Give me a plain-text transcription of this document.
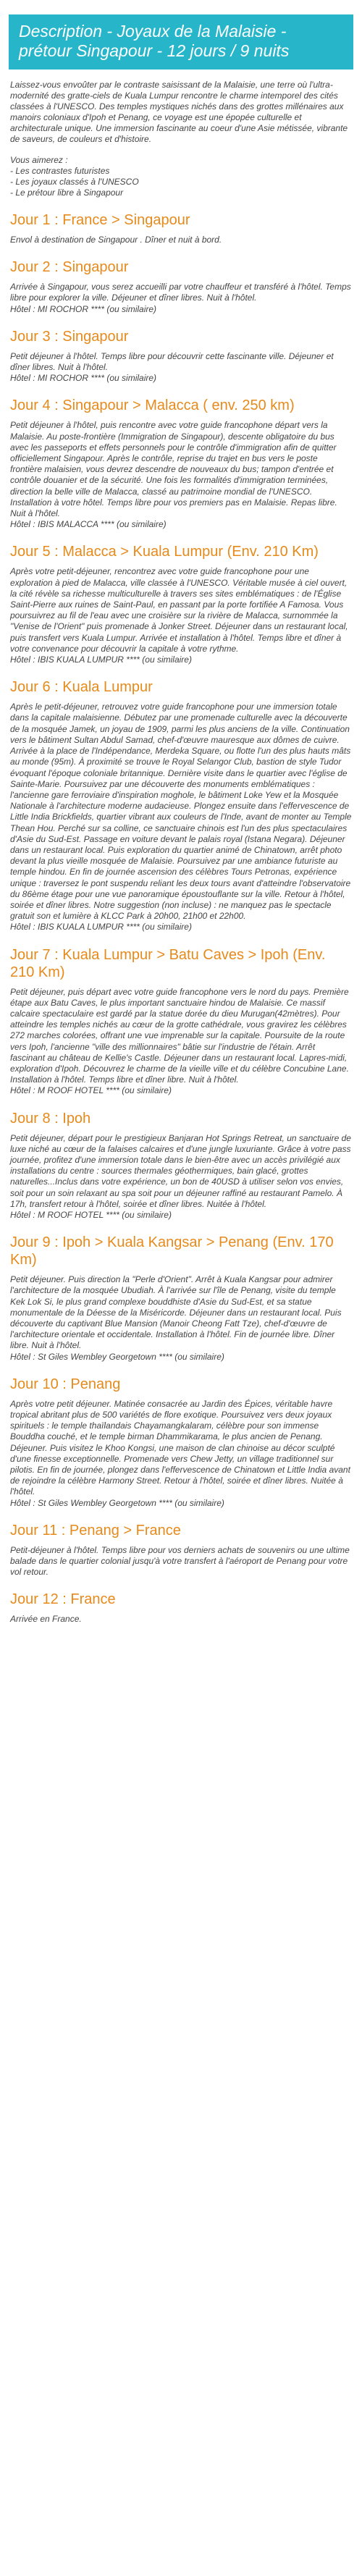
Description - Joyaux de la Malaisie - prétour Singapour - 12 jours / 9 nuits

Laissez-vous envoûter par le contraste saisissant de la Malaisie, une terre où l'ultra-modernité des gratte-ciels de Kuala Lumpur rencontre le charme intemporel des cités classées à l'UNESCO. Des temples mystiques nichés dans des grottes millénaires aux manoirs coloniaux d'Ipoh et Penang, ce voyage est une épopée culturelle et architecturale unique. Une immersion fascinante au coeur d'une Asie métissée, vibrante de saveurs, de couleurs et d'histoire.

Vous aimerez :
- Les contrastes futuristes
- Les joyaux classés à l'UNESCO
- Le prétour libre à Singapour
Jour 1 : France > Singapour

Envol à destination de Singapour . Dîner et nuit à bord.

Jour 2 : Singapour

Arrivée à Singapour, vous serez accueilli par votre chauffeur et transféré à l'hôtel. Temps libre pour explorer la ville. Déjeuner et dîner libres. Nuit à l'hôtel.

Hôtel : MI ROCHOR **** (ou similaire)

Jour 3 : Singapour

Petit déjeuner à l'hôtel. Temps libre pour découvrir cette fascinante ville. Déjeuner et dîner libres. Nuit à l'hôtel.

Hôtel : MI ROCHOR **** (ou similaire)

Jour 4 : Singapour > Malacca ( env. 250 km)

Petit déjeuner à l'hôtel, puis rencontre avec votre guide francophone départ vers la Malaisie. Au poste-frontière (Immigration de Singapour), descente obligatoire du bus avec les passeports et effets personnels pour le contrôle d'immigration afin de quitter officiellement Singapour. Après le contrôle, reprise du trajet en bus vers le poste frontière malaisien, vous devrez descendre de nouveaux du bus; tampon d'entrée et contrôle douanier et de la sécurité. Une fois les formalités d'immigration terminées, direction la belle ville de Malacca, classé au patrimoine mondial de l'UNESCO. Installation à votre hôtel. Temps libre pour vos premiers pas en Malaisie. Repas libre. Nuit à l'hôtel.

Hôtel : IBIS MALACCA **** (ou similaire)

Jour 5 : Malacca > Kuala Lumpur (Env. 210 Km)

Après votre petit-déjeuner, rencontrez avec votre guide francophone pour une exploration à pied de Malacca, ville classée à l'UNESCO. Véritable musée à ciel ouvert, la cité révèle sa richesse multiculturelle à travers ses sites emblématiques : de l'Église Saint-Pierre aux ruines de Saint-Paul, en passant par la porte fortifiée A Famosa. Vous poursuivrez au fil de l'eau avec une croisière sur la rivière de Malacca, surnommée la "Venise de l'Orient" puis promenade à Jonker Street. Déjeuner dans un restaurant local, puis transfert vers Kuala Lumpur. Arrivée et installation à l'hôtel. Temps libre et dîner à votre convenance pour découvrir la capitale à votre rythme.

Hôtel : IBIS KUALA LUMPUR **** (ou similaire)

Jour 6 : Kuala Lumpur

Après le petit-déjeuner, retrouvez votre guide francophone pour une immersion totale dans la capitale malaisienne. Débutez par une promenade culturelle avec la découverte de la mosquée Jamek, un joyau de 1909, parmi les plus anciens de la ville. Continuation vers le bâtiment Sultan Abdul Samad, chef-d'œuvre mauresque aux dômes de cuivre. Arrivée à la place de l'Indépendance, Merdeka Square, ou flotte l'un des plus hauts mâts au monde (95m). À proximité se trouve le Royal Selangor Club, bastion de style Tudor évoquant l'époque coloniale britannique. Dernière visite dans le quartier avec l'église de Sainte-Marie. Poursuivez par une découverte des monuments emblématiques : l'ancienne gare ferroviaire d'inspiration moghole, le bâtiment Loke Yew et la Mosquée Nationale à l'architecture moderne audacieuse. Plongez ensuite dans l'effervescence de Little India Brickfields, quartier vibrant aux couleurs de l'Inde, avant de monter au Temple Thean Hou. Perché sur sa colline, ce sanctuaire chinois est l'un des plus spectaculaires d'Asie du Sud-Est. Passage en voiture devant le palais royal (Istana Negara). Déjeuner dans un restaurant local. Puis exploration du quartier animé de Chinatown, arrêt photo devant la plus vieille mosquée de Malaisie. Poursuivez par une ambiance futuriste au temple hindou. En fin de journée ascension des célèbres Tours Petronas, expérience unique : traversez le pont suspendu reliant les deux tours avant d'atteindre l'observatoire du 86ème étage pour une vue panoramique époustouflante sur la ville. Retour à l'hôtel, soirée et dîner libres. Notre suggestion (non incluse) : ne manquez pas le spectacle gratuit son et lumière à KLCC Park à 20h00, 21h00 et 22h00.

Hôtel : IBIS KUALA LUMPUR **** (ou similaire)

Jour 7 : Kuala Lumpur > Batu Caves > Ipoh (Env. 210 Km)

Petit déjeuner, puis départ avec votre guide francophone vers le nord du pays. Première étape aux Batu Caves, le plus important sanctuaire hindou de Malaisie. Ce massif calcaire spectaculaire est gardé par la statue dorée du dieu Murugan(42mètres). Pour atteindre les temples nichés au cœur de la grotte cathédrale, vous gravirez les célèbres 272 marches colorées, offrant une vue imprenable sur la capitale. Poursuite de la route vers Ipoh, l'ancienne "ville des millionnaires" bâtie sur l'industrie de l'étain. Arrêt fascinant au château de Kellie's Castle. Déjeuner dans un restaurant local. Lapres-midi, exploration d'Ipoh. Découvrez le charme de la vieille ville et du célèbre Concubine Lane. Installation à l'hôtel. Temps libre et dîner libre. Nuit à l'hôtel.

Hôtel : M ROOF HOTEL **** (ou similaire)

Jour 8 : Ipoh

Petit déjeuner, départ pour le prestigieux Banjaran Hot Springs Retreat, un sanctuaire de luxe niché au cœur de la falaises calcaires et d'une jungle luxuriante. Grâce à votre pass journée, profitez d'une immersion totale dans le bien-être avec un accès privilégié aux installations du centre : sources thermales géothermiques, bain glacé, grottes naturelles...Inclus dans votre expérience, un bon de 40USD à utiliser selon vos envies, soit pour un soin relaxant au spa soit pour un déjeuner raffiné au restaurant Pamelo. À 17h, transfert retour à l'hôtel, soirée et dîner libres. Nuitée à l'hôtel.

Hôtel : M ROOF HOTEL **** (ou similaire)

Jour 9 : Ipoh > Kuala Kangsar > Penang (Env. 170 Km)

Petit déjeuner. Puis direction la "Perle d'Orient". Arrêt à Kuala Kangsar pour admirer l'architecture de la mosquée Ubudiah. À l'arrivée sur l'île de Penang, visite du temple Kek Lok Si, le plus grand complexe bouddhiste d'Asie du Sud-Est, et sa statue monumentale de la Déesse de la Miséricorde. Déjeuner dans un restaurant local. Puis découverte du captivant Blue Mansion (Manoir Cheong Fatt Tze), chef-d'œuvre de l'architecture orientale et occidentale. Installation à l'hôtel. Fin de journée libre. Dîner libre. Nuit à l'hôtel.

Hôtel : St Giles Wembley Georgetown **** (ou similaire)

Jour 10 : Penang

Après votre petit déjeuner. Matinée consacrée au Jardin des Épices, véritable havre tropical abritant plus de 500 variétés de flore exotique. Poursuivez vers deux joyaux spirituels : le temple thaïlandais Chayamangkalaram, célèbre pour son immense Bouddha couché, et le temple birman Dhammikarama, le plus ancien de Penang. Déjeuner. Puis visitez le Khoo Kongsi, une maison de clan chinoise au décor sculpté d'une finesse exceptionnelle. Promenade vers Chew Jetty, un village traditionnel sur pilotis. En fin de journée, plongez dans l'effervescence de Chinatown et Little India avant de rejoindre la célèbre Harmony Street. Retour à l'hôtel, soirée et dîner libres. Nuitée à l'hôtel.

Hôtel : St Giles Wembley Georgetown **** (ou similaire)

Jour 11 : Penang > France

Petit-déjeuner à l'hôtel. Temps libre pour vos derniers achats de souvenirs ou une ultime balade dans le quartier colonial jusqu'à votre transfert à l'aéroport de Penang pour votre vol retour.

Jour 12 : France

Arrivée en France.
